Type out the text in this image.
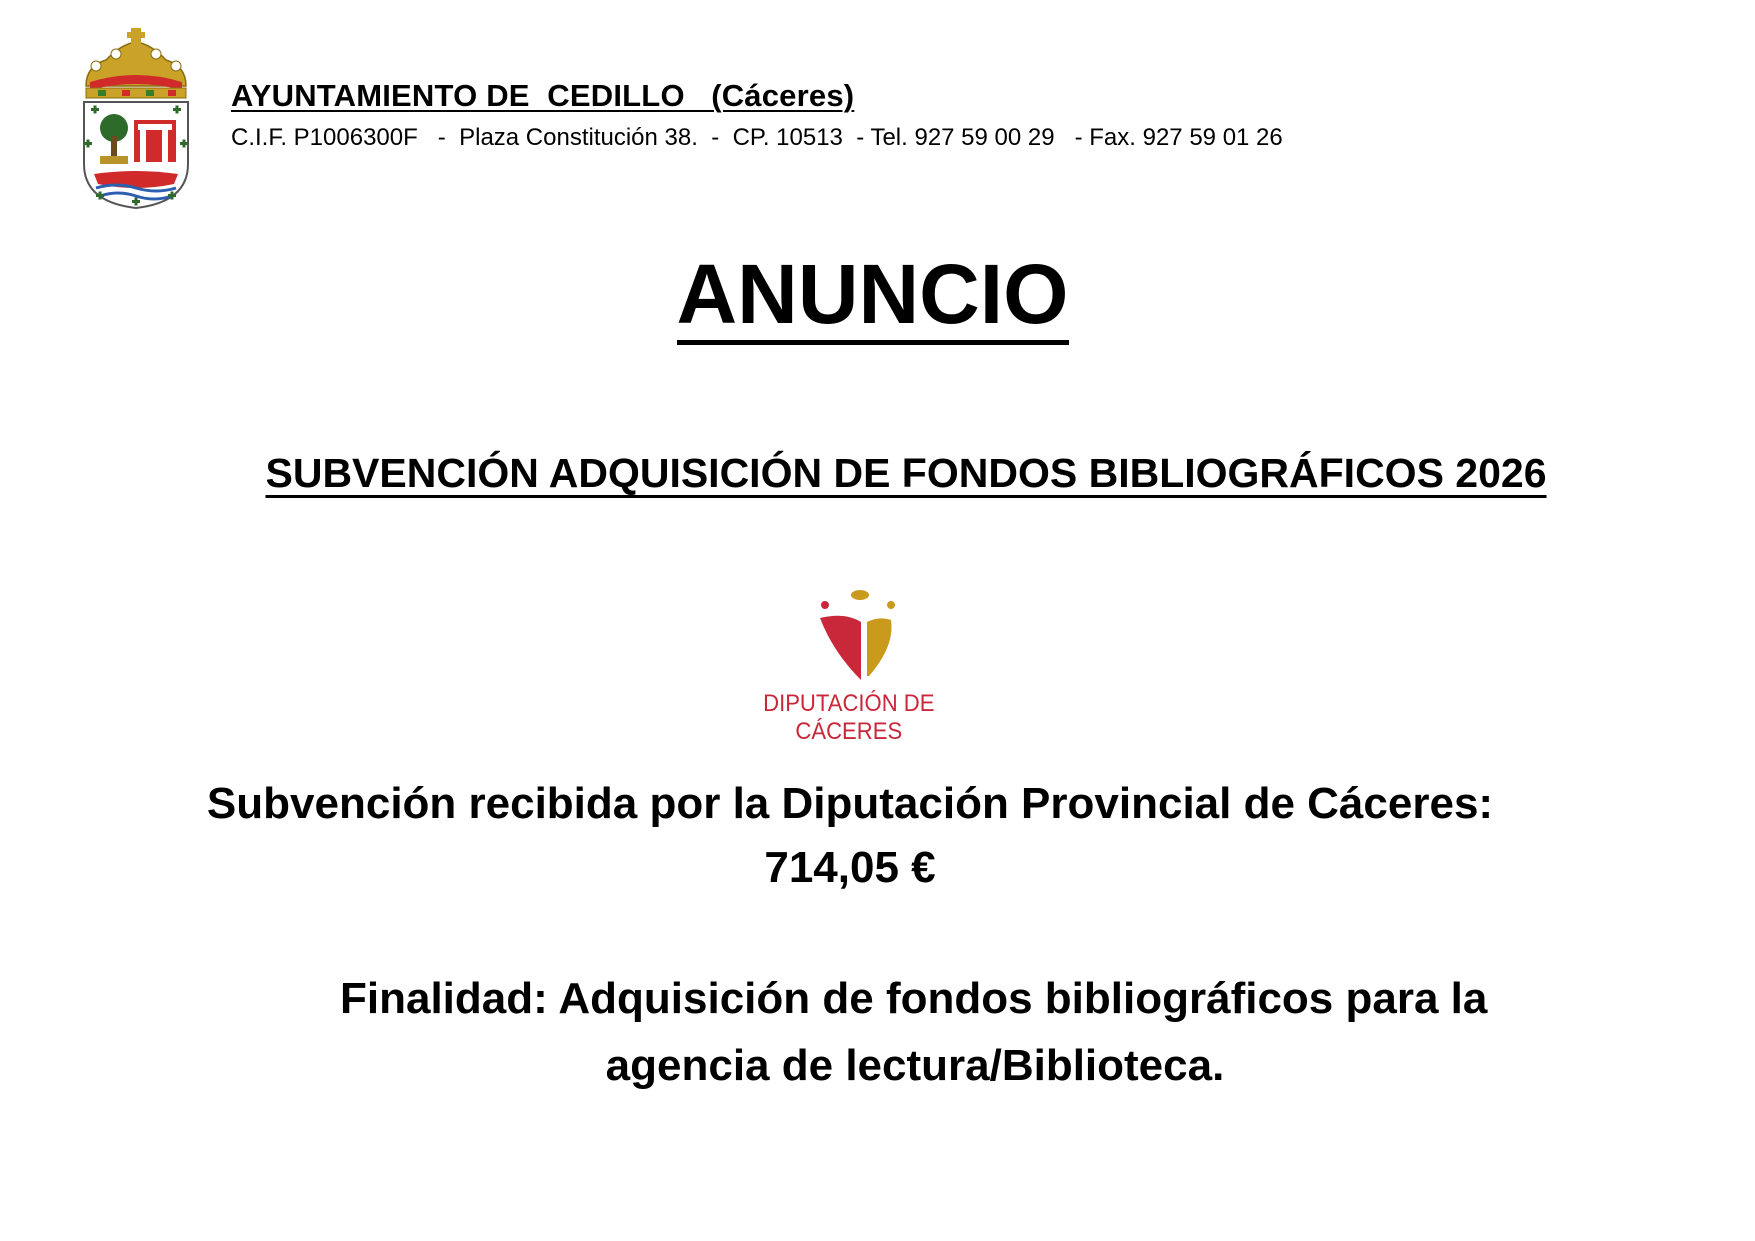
AYUNTAMIENTO DE  CEDILLO   (Cáceres)
C.I.F. P1006300F   -  Plaza Constitución 38.  -  CP. 10513  - Tel. 927 59 00 29   - Fax. 927 59 01 26
ANUNCIO
SUBVENCIÓN ADQUISICIÓN DE FONDOS BIBLIOGRÁFICOS 2026
DIPUTACIÓN DE CÁCERES
Subvención recibida por la Diputación Provincial de Cáceres:
714,05 €
Finalidad: Adquisición de fondos bibliográficos para la
agencia de lectura/Biblioteca.
